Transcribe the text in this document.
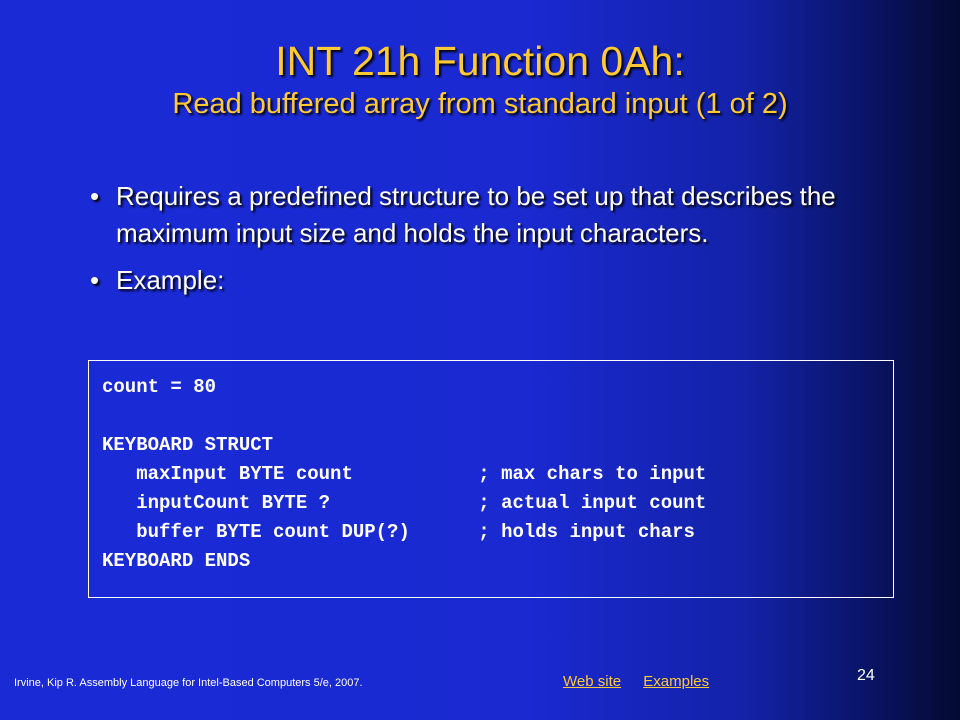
INT 21h Function 0Ah:
Read buffered array from standard input (1 of 2)
• Requires a predefined structure to be set up that describes the maximum input size and holds the input characters.
• Example:
count = 80
KEYBOARD STRUCT
maxInput BYTE count           ; max chars to input
inputCount BYTE ?             ; actual input count
buffer BYTE count DUP(?)      ; holds input chars
KEYBOARD ENDS
Irvine, Kip R. Assembly Language for Intel-Based Computers 5/e, 2007.	Web site Examples	24
